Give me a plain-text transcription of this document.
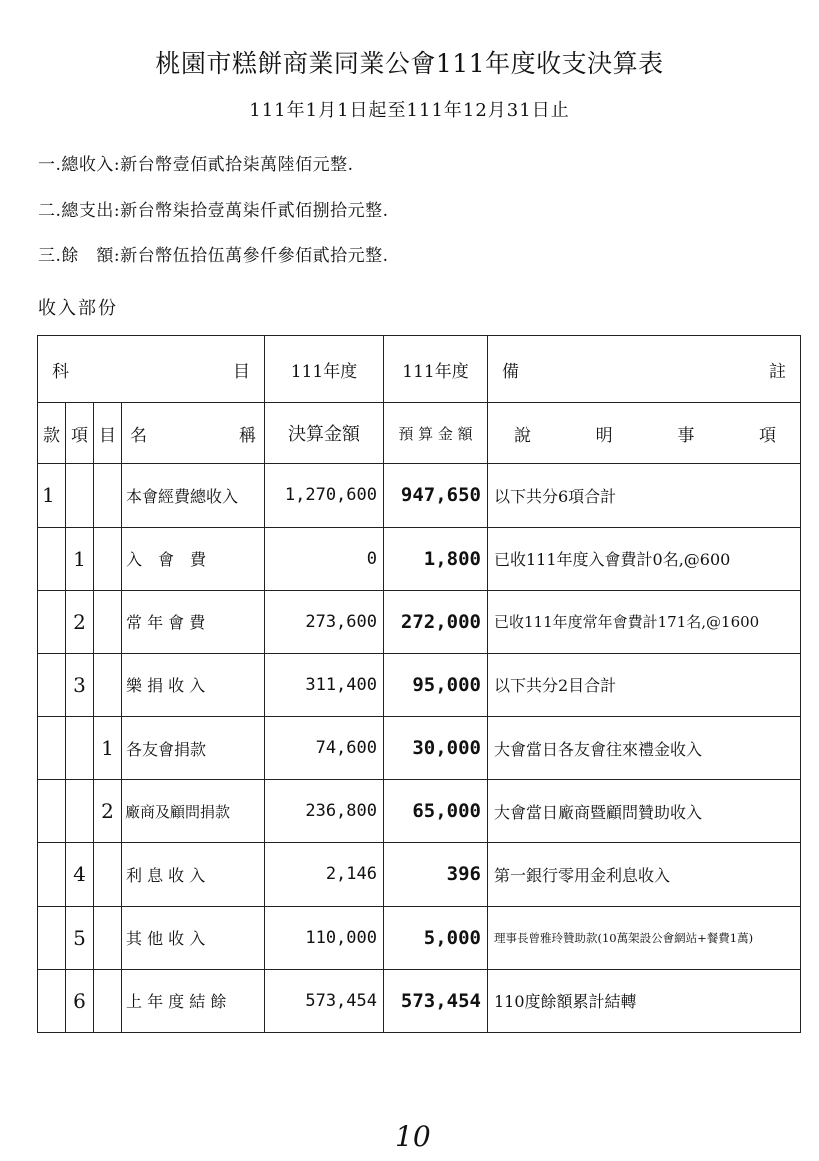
桃園市糕餅商業同業公會111年度收支決算表
111年1月1日起至111年12月31日止
一.總收入:新台幣壹佰貳拾柒萬陸佰元整.
二.總支出:新台幣柒拾壹萬柒仟貳佰捌拾元整.
三.餘　額:新台幣伍拾伍萬參仟參佰貳拾元整.
收入部份
科 目				111年度	111年度	備 註

款	項	目	名 稱	決算金額	預 算 金 額	說 明 事 項

1			本會經費總收入	1,270,600	947,650	以下共分6項合計
	1		入　會　費	0	1,800	已收111年度入會費計0名,@600
	2		常 年 會 費	273,600	272,000	已收111年度常年會費計171名,@1600
	3		樂 捐 收 入	311,400	95,000	以下共分2目合計
		1	各友會捐款	74,600	30,000	大會當日各友會往來禮金收入
		2	廠商及顧問捐款	236,800	65,000	大會當日廠商暨顧問贊助收入
	4		利 息 收 入	2,146	396	第一銀行零用金利息收入
	5		其 他 收 入	110,000	5,000	理事長曾雅玲贊助款(10萬架設公會網站+餐費1萬)
	6		上 年 度 結 餘	573,454	573,454	110度餘額累計結轉
10
